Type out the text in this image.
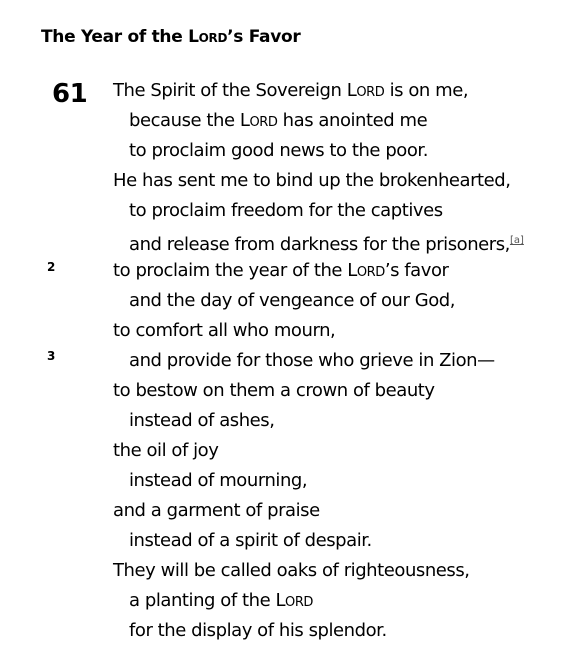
The Year of the Lord’s Favor
61
2
3
The Spirit of the Sovereign Lord is on me,
because the Lord has anointed me
to proclaim good news to the poor.
He has sent me to bind up the brokenhearted,
to proclaim freedom for the captives
and release from darkness for the prisoners,[a]
to proclaim the year of the Lord’s favor
and the day of vengeance of our God,
to comfort all who mourn,
and provide for those who grieve in Zion—
to bestow on them a crown of beauty
instead of ashes,
the oil of joy
instead of mourning,
and a garment of praise
instead of a spirit of despair.
They will be called oaks of righteousness,
a planting of the Lord
for the display of his splendor.
